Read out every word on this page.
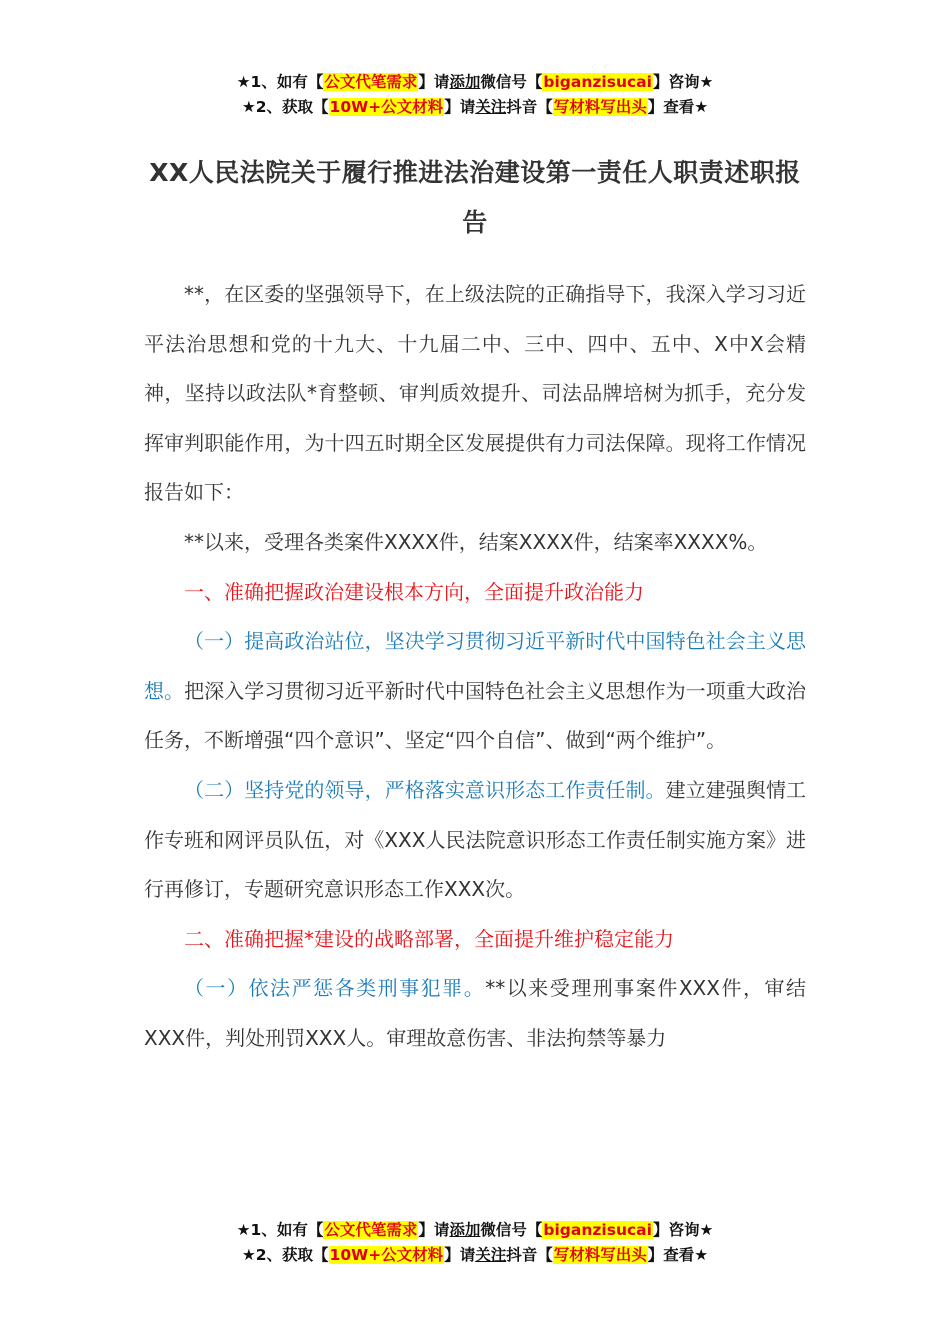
★1、如有【公文代笔需求】请添加微信号【biganzisucai】咨询★
★2、获取【10W+公文材料】请关注抖音【写材料写出头】查看★
XX人民法院关于履行推进法治建设第一责任人职责述职报告

**，在区委的坚强领导下，在上级法院的正确指导下，我深入学习习近平法治思想和党的十九大、十九届二中、三中、四中、五中、X中X会精神，坚持以政法队*育整顿、审判质效提升、司法品牌培树为抓手，充分发挥审判职能作用，为十四五时期全区发展提供有力司法保障。现将工作情况报告如下：

**以来，受理各类案件XXXX件，结案XXXX件，结案率XXXX%。

一、准确把握政治建设根本方向，全面提升政治能力

（一）提高政治站位，坚决学习贯彻习近平新时代中国特色社会主义思想。把深入学习贯彻习近平新时代中国特色社会主义思想作为一项重大政治任务，不断增强“四个意识”、坚定“四个自信”、做到“两个维护”。

（二）坚持党的领导，严格落实意识形态工作责任制。建立建强舆情工作专班和网评员队伍，对《XXX人民法院意识形态工作责任制实施方案》进行再修订，专题研究意识形态工作XXX次。

二、准确把握*建设的战略部署，全面提升维护稳定能力

（一）依法严惩各类刑事犯罪。**以来受理刑事案件XXX件，审结XXX件，判处刑罚XXX人。审理故意伤害、非法拘禁等暴力

★1、如有【公文代笔需求】请添加微信号【biganzisucai】咨询★
★2、获取【10W+公文材料】请关注抖音【写材料写出头】查看★
